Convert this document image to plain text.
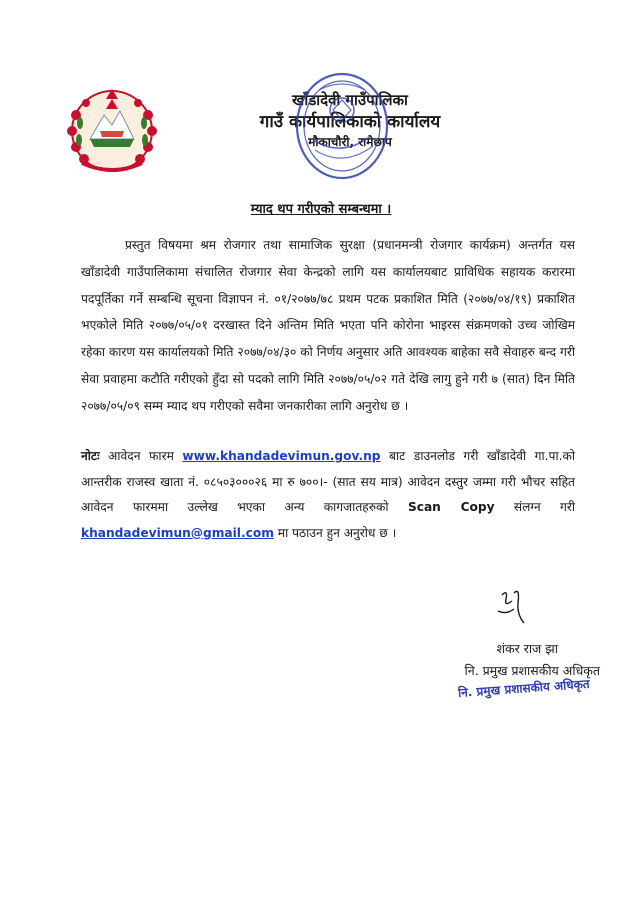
खाँडादेवी गाउँपालिका
गाउँ कार्यपालिकाको कार्यालय
मौकाचौरी, रामेछाप
म्याद थप गरीएको सम्बन्धमा ।

प्रस्तुत विषयमा श्रम रोजगार तथा सामाजिक सुरक्षा (प्रधानमन्त्री रोजगार कार्यक्रम) अन्तर्गत यस खाँडादेवी गाउँपालिकामा संचालित रोजगार सेवा केन्द्रको लागि यस कार्यालयबाट प्राविधिक सहायक करारमा पदपूर्तिका गर्ने सम्बन्धि सूचना विज्ञापन नं. ०१/२०७७/७८ प्रथम पटक प्रकाशित मिति (२०७७/०४/१९) प्रकाशित भएकोले मिति २०७७/०५/०१ दरखास्त दिने अन्तिम मिति भएता पनि कोरोना भाइरस संक्रमणको उच्च जोखिम रहेका कारण यस कार्यालयको मिति २०७७/०४/३० को निर्णय अनुसार अति आवश्यक बाहेका सवै सेवाहरु बन्द गरी सेवा प्रवाहमा कटौति गरीएको हुँदा सो पदको लागि मिति २०७७/०५/०२ गते देखि लागु हुने गरी ७ (सात) दिन मिति २०७७/०५/०९ सम्म म्याद थप गरीएको सवैमा जनकारीका लागि अनुरोध छ ।

नोटः आवेदन फारम www.khandadevimun.gov.np बाट डाउनलोड गरी खाँडादेवी गा.पा.को आन्तरीक राजस्व खाता नं. ०८५०३०००२६ मा रु ७००।- (सात सय मात्र) आवेदन दस्तुर जम्मा गरी भौचर सहित आवेदन फारममा उल्लेख भएका अन्य कागजातहरुको Scan Copy संलग्न गरी khandadevimun@gmail.com मा पठाउन हुन अनुरोध छ ।

शंकर राज झा
नि. प्रमुख प्रशासकीय अधिकृत
नि. प्रमुख प्रशासकीय अधिकृत
